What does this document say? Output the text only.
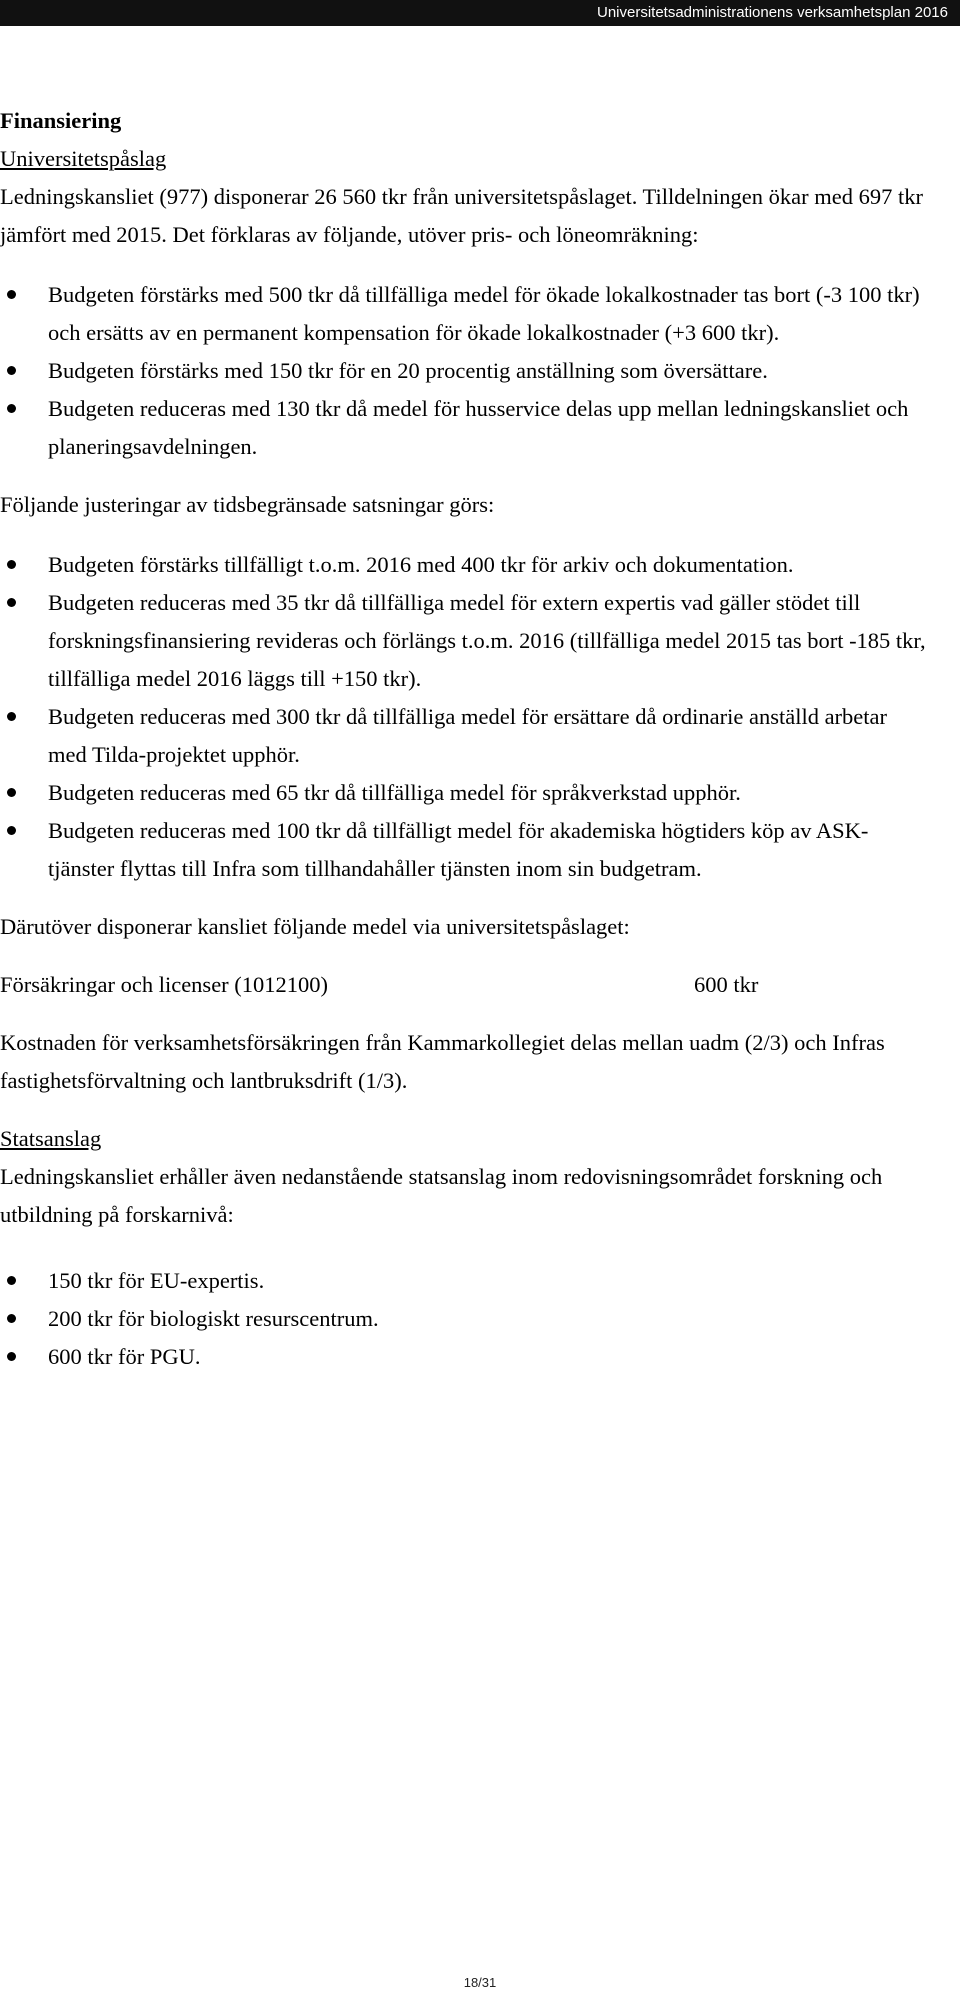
Universitetsadministrationens verksamhetsplan 2016

Finansiering

Universitetspåslag

Ledningskansliet (977) disponerar 26 560 tkr från universitetspåslaget. Tilldelningen ökar med 697 tkr jämfört med 2015. Det förklaras av följande, utöver pris- och löneomräkning:

Budgeten förstärks med 500 tkr då tillfälliga medel för ökade lokalkostnader tas bort (-3 100 tkr) och ersätts av en permanent kompensation för ökade lokalkostnader (+3 600 tkr).
Budgeten förstärks med 150 tkr för en 20 procentig anställning som översättare.
Budgeten reduceras med 130 tkr då medel för husservice delas upp mellan ledningskansliet och planeringsavdelningen.

Följande justeringar av tidsbegränsade satsningar görs:

Budgeten förstärks tillfälligt t.o.m. 2016 med 400 tkr för arkiv och dokumentation.
Budgeten reduceras med 35 tkr då tillfälliga medel för extern expertis vad gäller stödet till forskningsfinansiering revideras och förlängs t.o.m. 2016 (tillfälliga medel 2015 tas bort -185 tkr, tillfälliga medel 2016 läggs till +150 tkr).
Budgeten reduceras med 300 tkr då tillfälliga medel för ersättare då ordinarie anställd arbetar med Tilda-projektet upphör.
Budgeten reduceras med 65 tkr då tillfälliga medel för språkverkstad upphör.
Budgeten reduceras med 100 tkr då tillfälligt medel för akademiska högtiders köp av ASK-tjänster flyttas till Infra som tillhandahåller tjänsten inom sin budgetram.

Därutöver disponerar kansliet följande medel via universitetspåslaget:

Försäkringar och licenser (1012100)	600 tkr

Kostnaden för verksamhetsförsäkringen från Kammarkollegiet delas mellan uadm (2/3) och Infras fastighetsförvaltning och lantbruksdrift (1/3).

Statsanslag

Ledningskansliet erhåller även nedanstående statsanslag inom redovisningsområdet forskning och utbildning på forskarnivå:

150 tkr för EU-expertis.
200 tkr för biologiskt resurscentrum.
600 tkr för PGU.
18/31
